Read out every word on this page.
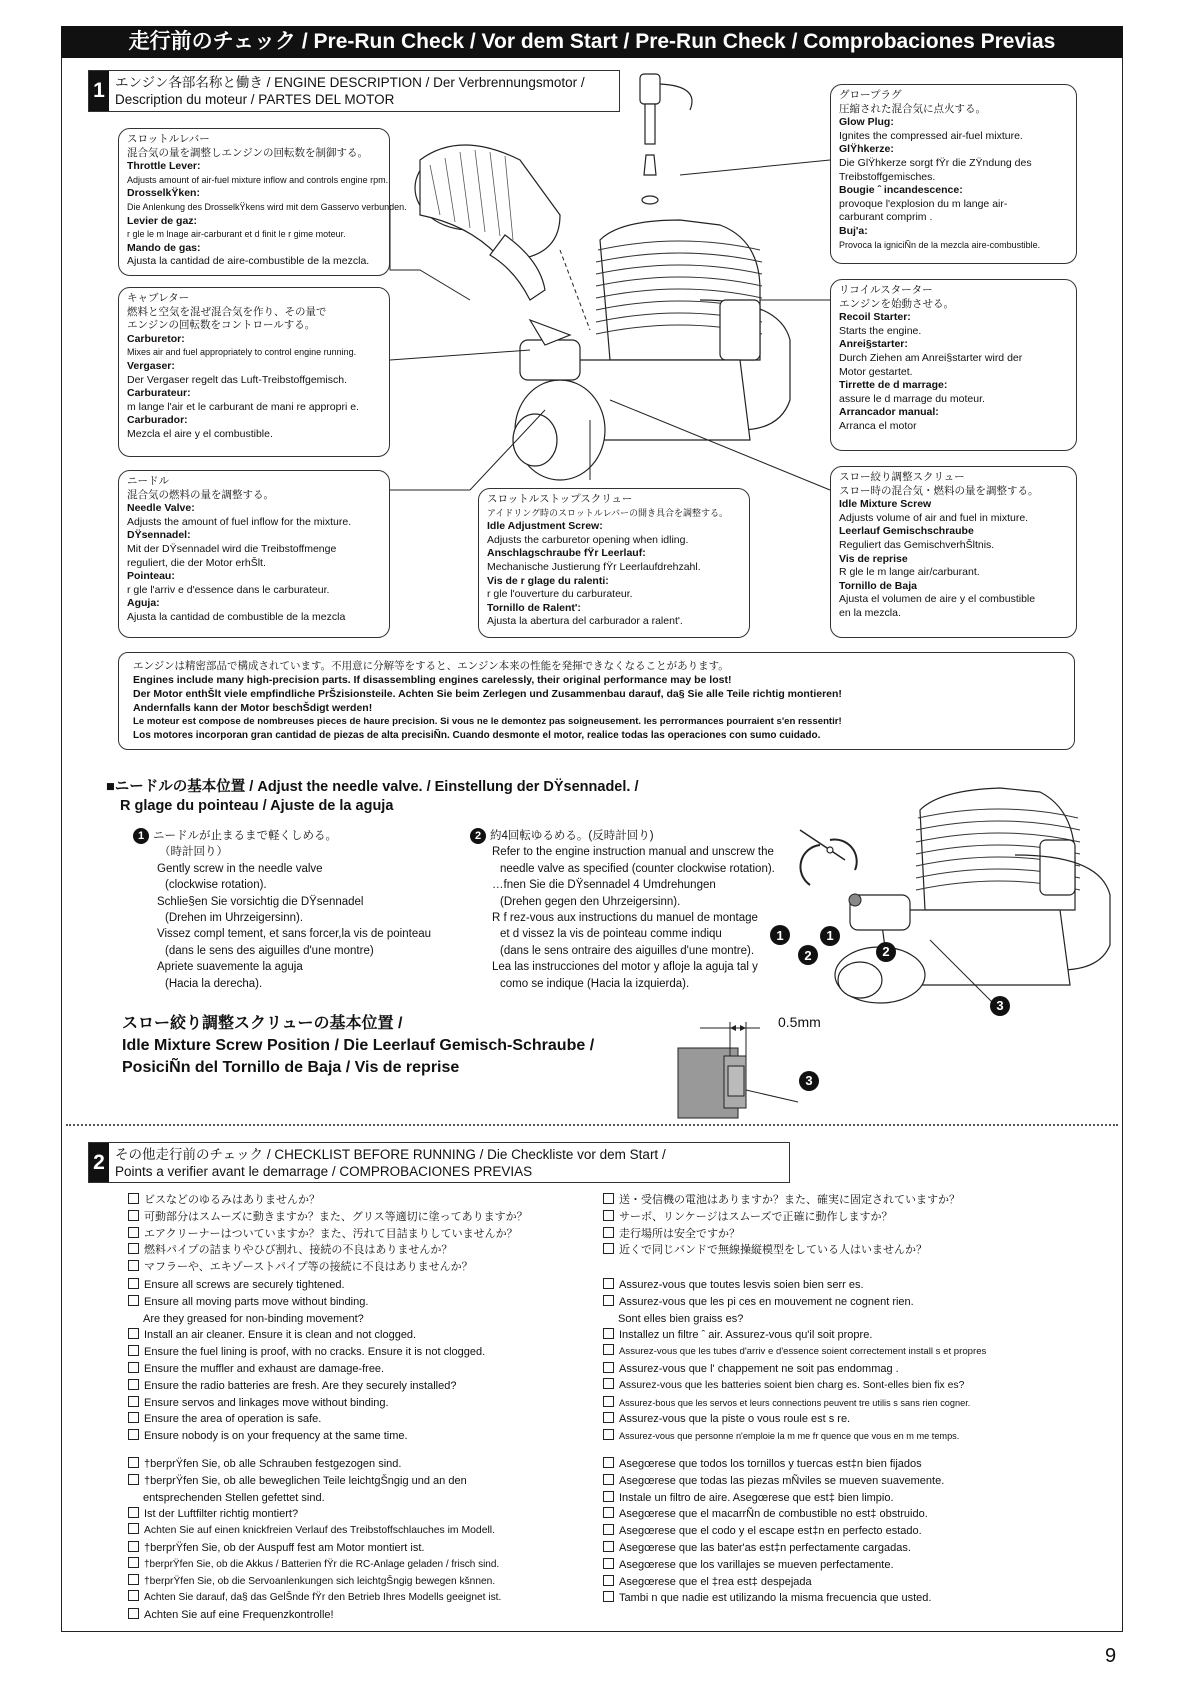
走行前のチェック / Pre-Run Check / Vor dem Start / Pre-Run Check / Comprobaciones Previas
1 エンジン各部名称と働き / ENGINE DESCRIPTION / Der Verbrennungsmotor /
Description du moteur / PARTES DEL MOTOR
スロットルレバー
混合気の量を調整しエンジンの回転数を制御する。
Throttle Lever:
Adjusts amount of air-fuel mixture inflow and controls engine rpm.
DrosselkŸken:
Die Anlenkung des DrosselkŸkens wird mit dem Gasservo verbunden.
Levier de gaz:
r gle le m lnage air-carburant et d finit le r gime moteur.
Mando de gas:
Ajusta la cantidad de aire-combustible de la mezcla.
キャブレター
燃料と空気を混ぜ混合気を作り、その量で
エンジンの回転数をコントロールする。
Carburetor:
Mixes air and fuel appropriately to control engine running.
Vergaser:
Der Vergaser regelt das Luft-Treibstoffgemisch.
Carburateur:
m lange l'air et le carburant de mani re appropri e.
Carburador:
Mezcla el aire y el combustible.
ニードル
混合気の燃料の量を調整する。
Needle Valve:
Adjusts the amount of fuel inflow for the mixture.
DŸsennadel:
Mit der DŸsennadel wird die Treibstoffmenge
reguliert, die der Motor erhŠlt.
Pointeau:
r gle l'arriv e d'essence dans le carburateur.
Aguja:
Ajusta la cantidad de combustible de la mezcla
スロットルストップスクリュー
アイドリング時のスロットルレバーの開き具合を調整する。
Idle Adjustment Screw:
Adjusts the carburetor opening when idling.
Anschlagschraube fŸr Leerlauf:
Mechanische Justierung fŸr Leerlaufdrehzahl.
Vis de r glage du ralenti:
r gle l'ouverture du carburateur.
Tornillo de Ralent':
Ajusta la abertura del carburador a ralent'.
グロープラグ
圧縮された混合気に点火する。
Glow Plug:
Ignites the compressed air-fuel mixture.
GlŸhkerze:
Die GlŸhkerze sorgt fŸr die ZŸndung des
Treibstoffgemisches.
Bougie ˆ incandescence:
provoque l'explosion du m lange air-
carburant comprim .
Buj'a:
Provoca la igniciÑn de la mezcla aire-combustible.
リコイルスターター
エンジンを始動させる。
Recoil Starter:
Starts the engine.
Anrei§starter:
Durch Ziehen am Anrei§starter wird der
Motor gestartet.
Tirrette de d marrage:
assure le d marrage du moteur.
Arrancador manual:
Arranca el motor
スロー絞り調整スクリュー
スロー時の混合気・燃料の量を調整する。
Idle Mixture Screw
Adjusts volume of air and fuel in mixture.
Leerlauf Gemischschraube
Reguliert das GemischverhŠltnis.
Vis de reprise
R gle le m lange air/carburant.
Tornillo de Baja
Ajusta el volumen de aire y el combustible
en la mezcla.
エンジンは精密部品で構成されています。不用意に分解等をすると、エンジン本来の性能を発揮できなくなることがあります。
Engines include many high-precision parts. If disassembling engines carelessly, their original performance may be lost!
Der Motor enthŠlt viele empfindliche PrŠzisionsteile. Achten Sie beim Zerlegen und Zusammenbau darauf, da§ Sie alle Teile richtig montieren!
Andernfalls kann der Motor beschŠdigt werden!
Le moteur est compose de nombreuses pieces de haure precision. Si vous ne le demontez pas soigneusement. les perrormances pourraient s'en ressentir!
Los motores incorporan gran cantidad de piezas de alta precisiÑn. Cuando desmonte el motor, realice todas las operaciones con sumo cuidado.
■ニードルの基本位置 / Adjust the needle valve. / Einstellung der DŸsennadel. /
R glage du pointeau / Ajuste de la aguja
1 ニードルが止まるまで軽くしめる。
（時計回り）
Gently screw in the needle valve
(clockwise rotation).
Schlie§en Sie vorsichtig die DŸsennadel
(Drehen im Uhrzeigersinn).
Vissez compl tement, et sans forcer,la vis de pointeau
(dans le sens des aiguilles d'une montre)
Apriete suavemente la aguja
(Hacia la derecha).
2 約4回転ゆるめる。(反時計回り)
Refer to the engine instruction manual and unscrew the
needle valve as specified (counter clockwise rotation).
…fnen Sie die DŸsennadel 4 Umdrehungen
(Drehen gegen den Uhrzeigersinn).
R f rez-vous aux instructions du manuel de montage
et d vissez la vis de pointeau comme indiqu
(dans le sens ontraire des aiguilles d'une montre).
Lea las instrucciones del motor y afloje la aguja tal y
como se indique (Hacia la izquierda).
1
2
1
2
3
スロー絞り調整スクリューの基本位置 /
Idle Mixture Screw Position / Die Leerlauf Gemisch-Schraube /
PosiciÑn del Tornillo de Baja / Vis de reprise
0.5mm
3
2 その他走行前のチェック / CHECKLIST BEFORE RUNNING / Die Checkliste vor dem Start /
Points a verifier avant le demarrage / COMPROBACIONES PREVIAS
ビスなどのゆるみはありませんか？
可動部分はスムーズに動きますか？また、グリス等適切に塗ってありますか？
エアクリーナーはついていますか？また、汚れて目詰まりしていませんか？
燃料パイプの詰まりやひび割れ、接続の不良はありませんか？
マフラーや、エキゾーストパイプ等の接続に不良はありませんか？
送・受信機の電池はありますか？また、確実に固定されていますか？
サーボ、リンケージはスムーズで正確に動作しますか？
走行場所は安全ですか？
近くで同じバンドで無線操縦模型をしている人はいませんか？
Ensure all screws are securely tightened.
Ensure all moving parts move without binding.
Are they greased for non-binding movement?
Install an air cleaner. Ensure it is clean and not clogged.
Ensure the fuel lining is proof, with no cracks. Ensure it is not clogged.
Ensure the muffler and exhaust are damage-free.
Ensure the radio batteries are fresh. Are they securely installed?
Ensure servos and linkages move without binding.
Ensure the area of operation is safe.
Ensure nobody is on your frequency at the same time.
Assurez-vous que toutes lesvis soien bien serr es.
Assurez-vous que les pi ces en mouvement ne cognent rien.
Sont elles bien graiss es?
Installez un filtre ˆ air. Assurez-vous qu'il soit propre.
Assurez-vous que les tubes d'arriv e d'essence soient correctement install s et propres
Assurez-vous que l' chappement ne soit pas endommag .
Assurez-vous que les batteries soient bien charg es. Sont-elles bien fix es?
Assurez-bous que les servos et leurs connections peuvent tre utilis s sans rien cogner.
Assurez-vous que la piste o vous roule est s re.
Assurez-vous que personne n'emploie la m me fr quence que vous en m me temps.
†berprŸfen Sie, ob alle Schrauben festgezogen sind.
†berprŸfen Sie, ob alle beweglichen Teile leichtgŠngig und an den
entsprechenden Stellen gefettet sind.
Ist der Luftfilter richtig montiert?
Achten Sie auf einen knickfreien Verlauf des Treibstoffschlauches im Modell.
†berprŸfen Sie, ob der Auspuff fest am Motor montiert ist.
†berprŸfen Sie, ob die Akkus / Batterien fŸr die RC-Anlage geladen / frisch sind.
†berprŸfen Sie, ob die Servoanlenkungen sich leichtgŠngig bewegen kšnnen.
Achten Sie darauf, da§ das GelŠnde fŸr den Betrieb Ihres Modells geeignet ist.
Achten Sie auf eine Frequenzkontrolle!
Asegœrese que todos los tornillos y tuercas est‡n bien fijados
Asegœrese que todas las piezas mÑviles se mueven suavemente.
Instale un filtro de aire. Asegœrese que est‡ bien limpio.
Asegœrese que el macarrÑn de combustible no est‡ obstruido.
Asegœrese que el codo y el escape est‡n en perfecto estado.
Asegœrese que las bater'as est‡n perfectamente cargadas.
Asegœrese que los varillajes se mueven perfectamente.
Asegœrese que el ‡rea est‡ despejada
Tambi n que nadie est utilizando la misma frecuencia que usted.
9
